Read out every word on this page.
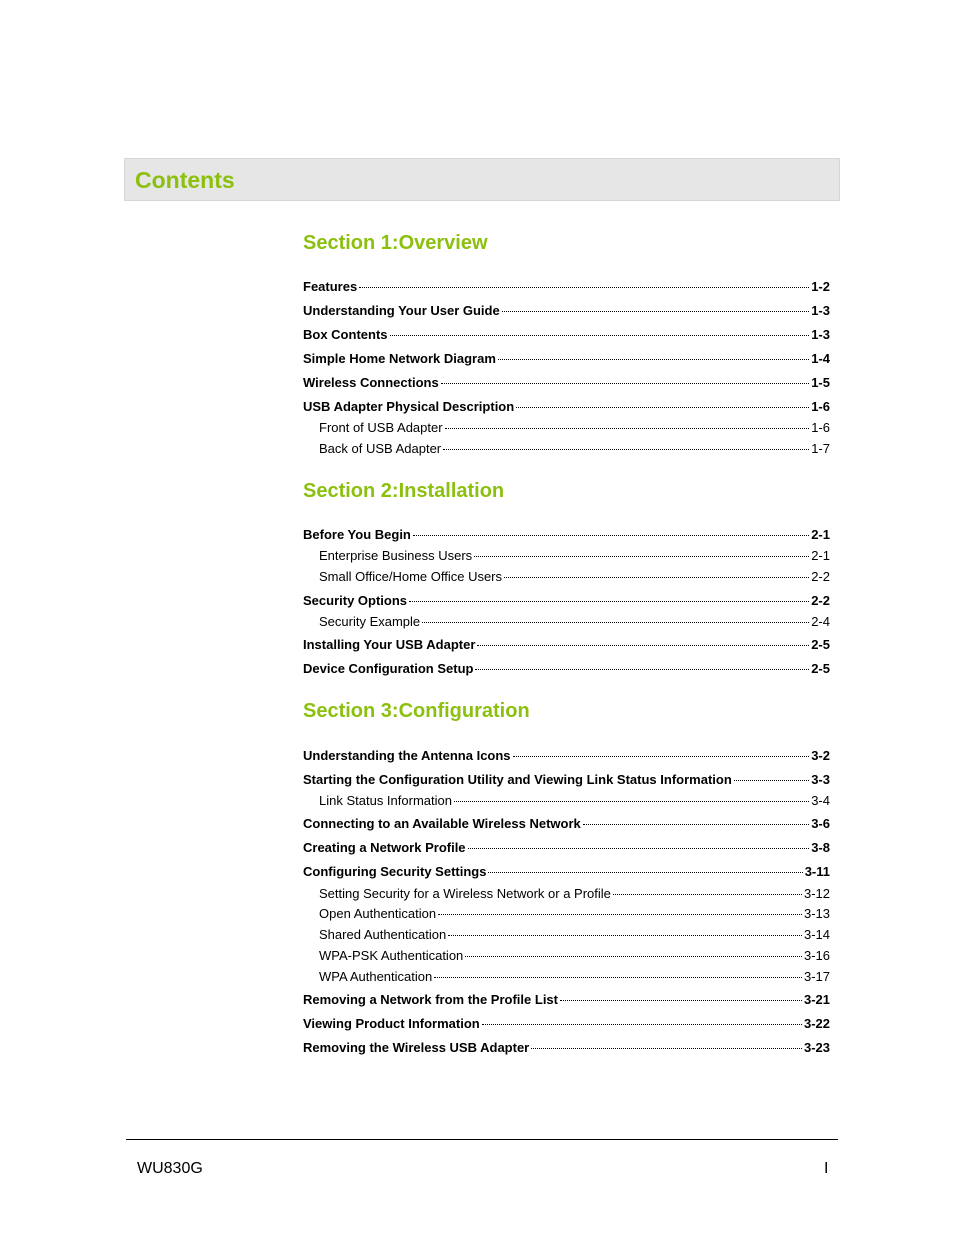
Contents
Section 1:Overview
Features	1-2
Understanding Your User Guide	1-3
Box Contents	1-3
Simple Home Network Diagram	1-4
Wireless Connections	1-5
USB Adapter Physical Description	1-6
Front of USB Adapter	1-6
Back of USB Adapter	1-7
Section 2:Installation
Before You Begin	2-1
Enterprise Business Users	2-1
Small Office/Home Office Users	2-2
Security Options	2-2
Security Example	2-4
Installing Your USB Adapter	2-5
Device Configuration Setup	2-5
Section 3:Configuration
Understanding the Antenna Icons	3-2
Starting the Configuration Utility and Viewing Link Status Information	3-3
Link Status Information	3-4
Connecting to an Available Wireless Network	3-6
Creating a Network Profile	3-8
Configuring Security Settings	3-11
Setting Security for a Wireless Network or a Profile	3-12
Open Authentication	3-13
Shared Authentication	3-14
WPA-PSK Authentication	3-16
WPA Authentication	3-17
Removing a Network from the Profile List	3-21
Viewing Product Information	3-22
Removing the Wireless USB Adapter	3-23
WU830G	I
